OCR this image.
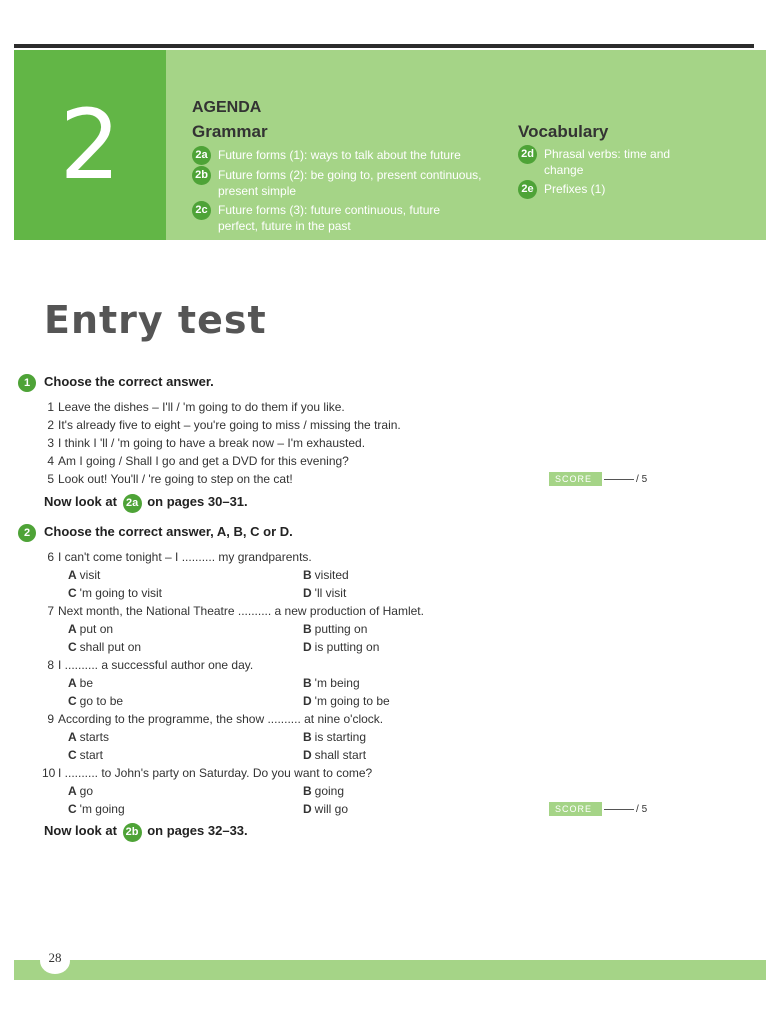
2	AGENDA
Grammar	Vocabulary
2a Future forms (1): ways to talk about the future
2b Future forms (2): be going to, present continuous, present simple
2c Future forms (3): future continuous, future perfect, future in the past
2d Phrasal verbs: time and change
2e Prefixes (1)
Entry test
1 Choose the correct answer.
1 Leave the dishes – I'll / 'm going to do them if you like.
2 It's already five to eight – you're going to miss / missing the train.
3 I think I 'll / 'm going to have a break now – I'm exhausted.
4 Am I going / Shall I go and get a DVD for this evening?
5 Look out! You'll / 're going to step on the cat!	SCORE	/ 5
Now look at 2a on pages 30–31.
2 Choose the correct answer, A, B, C or D.
6 I can't come tonight – I .......... my grandparents.
A visit	B visited
C 'm going to visit	D 'll visit
7 Next month, the National Theatre .......... a new production of Hamlet.
A put on	B putting on
C shall put on	D is putting on
8 I .......... a successful author one day.
A be	B 'm being
C go to be	D 'm going to be
9 According to the programme, the show .......... at nine o'clock.
A starts	B is starting
C start	D shall start
10 I .......... to John's party on Saturday. Do you want to come?
A go	B going
C 'm going	D will go	SCORE	/ 5
Now look at 2b on pages 32–33.
28
